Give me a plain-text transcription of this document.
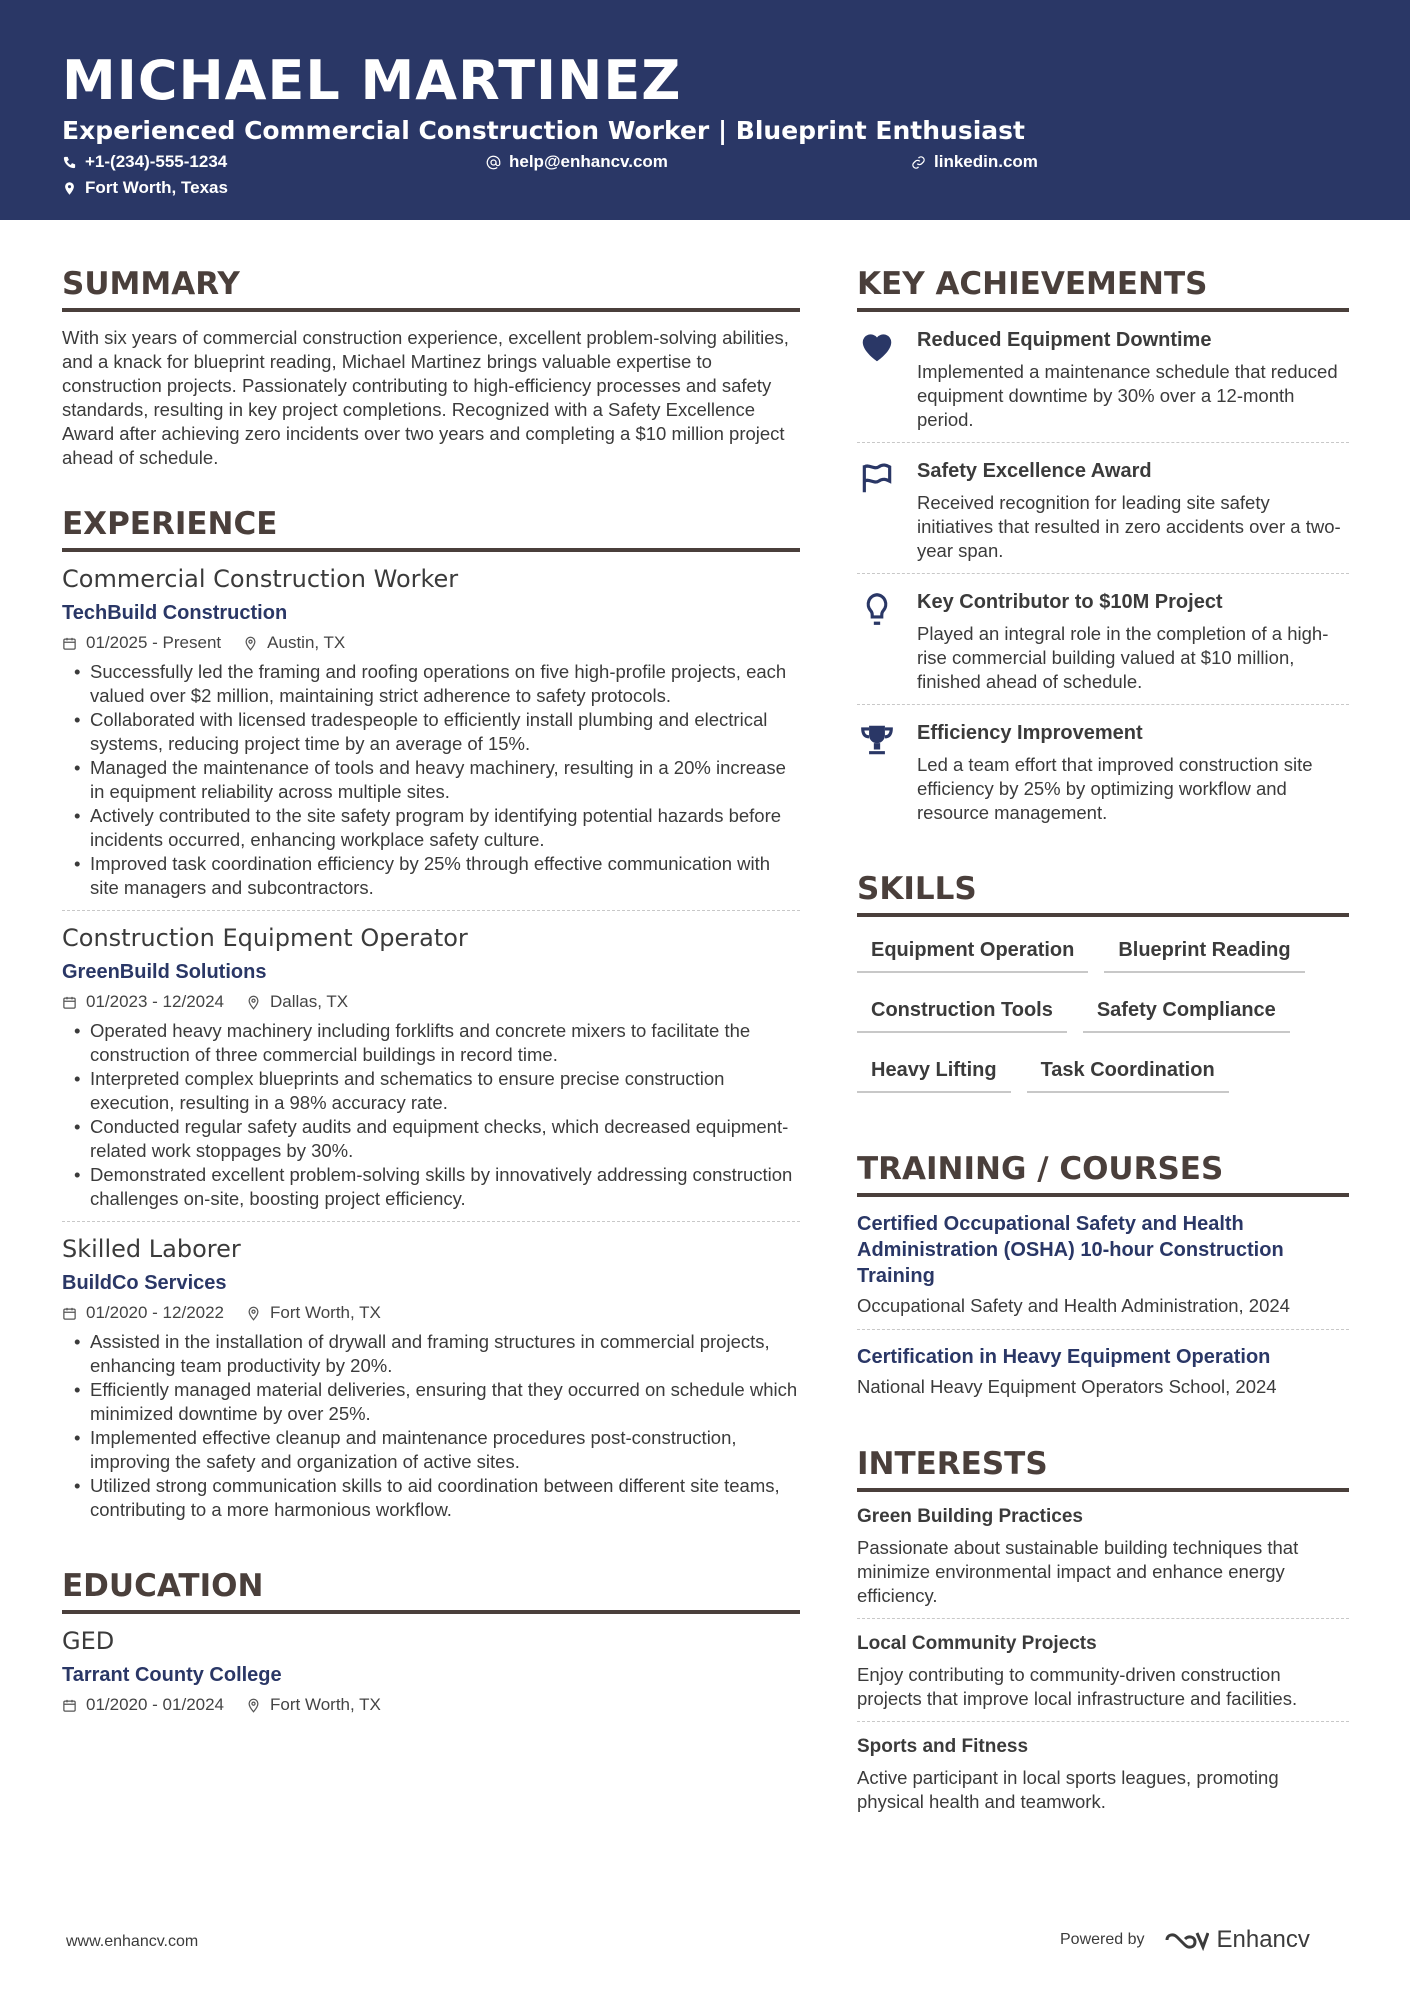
MICHAEL MARTINEZ
Experienced Commercial Construction Worker | Blueprint Enthusiast
+1-(234)-555-1234	help@enhancv.com	linkedin.com
Fort Worth, Texas
SUMMARY
With six years of commercial construction experience, excellent problem-solving abilities, and a knack for blueprint reading, Michael Martinez brings valuable expertise to construction projects. Passionately contributing to high-efficiency processes and safety standards, resulting in key project completions. Recognized with a Safety Excellence Award after achieving zero incidents over two years and completing a $10 million project ahead of schedule.
EXPERIENCE
Commercial Construction Worker
TechBuild Construction
01/2025 - Present	Austin, TX
• Successfully led the framing and roofing operations on five high-profile projects, each valued over $2 million, maintaining strict adherence to safety protocols.
• Collaborated with licensed tradespeople to efficiently install plumbing and electrical systems, reducing project time by an average of 15%.
• Managed the maintenance of tools and heavy machinery, resulting in a 20% increase in equipment reliability across multiple sites.
• Actively contributed to the site safety program by identifying potential hazards before incidents occurred, enhancing workplace safety culture.
• Improved task coordination efficiency by 25% through effective communication with site managers and subcontractors.
Construction Equipment Operator
GreenBuild Solutions
01/2023 - 12/2024	Dallas, TX
• Operated heavy machinery including forklifts and concrete mixers to facilitate the construction of three commercial buildings in record time.
• Interpreted complex blueprints and schematics to ensure precise construction execution, resulting in a 98% accuracy rate.
• Conducted regular safety audits and equipment checks, which decreased equipment-related work stoppages by 30%.
• Demonstrated excellent problem-solving skills by innovatively addressing construction challenges on-site, boosting project efficiency.
Skilled Laborer
BuildCo Services
01/2020 - 12/2022	Fort Worth, TX
• Assisted in the installation of drywall and framing structures in commercial projects, enhancing team productivity by 20%.
• Efficiently managed material deliveries, ensuring that they occurred on schedule which minimized downtime by over 25%.
• Implemented effective cleanup and maintenance procedures post-construction, improving the safety and organization of active sites.
• Utilized strong communication skills to aid coordination between different site teams, contributing to a more harmonious workflow.
EDUCATION
GED
Tarrant County College
01/2020 - 01/2024	Fort Worth, TX
KEY ACHIEVEMENTS
Reduced Equipment Downtime
Implemented a maintenance schedule that reduced equipment downtime by 30% over a 12-month period.
Safety Excellence Award
Received recognition for leading site safety initiatives that resulted in zero accidents over a two-year span.
Key Contributor to $10M Project
Played an integral role in the completion of a high-rise commercial building valued at $10 million, finished ahead of schedule.
Efficiency Improvement
Led a team effort that improved construction site efficiency by 25% by optimizing workflow and resource management.
SKILLS
Equipment Operation	Blueprint Reading
Construction Tools	Safety Compliance
Heavy Lifting	Task Coordination
TRAINING / COURSES
Certified Occupational Safety and Health Administration (OSHA) 10-hour Construction Training
Occupational Safety and Health Administration, 2024
Certification in Heavy Equipment Operation
National Heavy Equipment Operators School, 2024
INTERESTS
Green Building Practices
Passionate about sustainable building techniques that minimize environmental impact and enhance energy efficiency.
Local Community Projects
Enjoy contributing to community-driven construction projects that improve local infrastructure and facilities.
Sports and Fitness
Active participant in local sports leagues, promoting physical health and teamwork.
www.enhancv.com	Powered by	Enhancv
